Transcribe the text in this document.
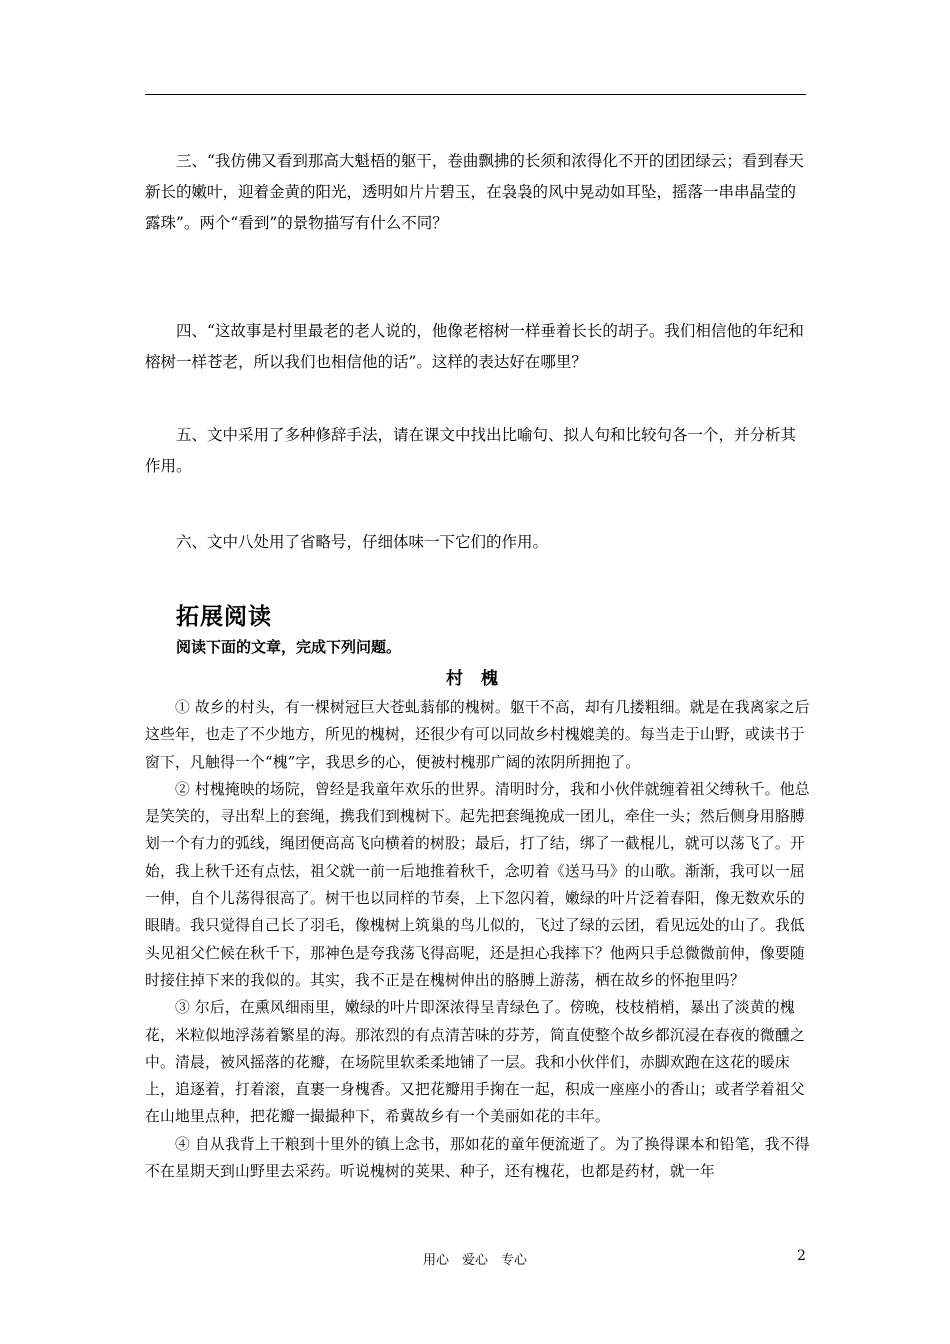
三、“我仿佛又看到那高大魁梧的躯干，卷曲飘拂的长须和浓得化不开的团团绿云；看到春天新长的嫩叶，迎着金黄的阳光，透明如片片碧玉，在袅袅的风中晃动如耳坠，摇落一串串晶莹的露珠”。两个“看到”的景物描写有什么不同？

四、“这故事是村里最老的老人说的，他像老榕树一样垂着长长的胡子。我们相信他的年纪和榕树一样苍老，所以我们也相信他的话”。这样的表达好在哪里？

五、文中采用了多种修辞手法，请在课文中找出比喻句、拟人句和比较句各一个，并分析其作用。

六、文中八处用了省略号，仔细体味一下它们的作用。

拓展阅读

阅读下面的文章，完成下列问题。

村 槐

① 故乡的村头，有一棵树冠巨大苍虬蓊郁的槐树。躯干不高，却有几搂粗细。就是在我离家之后这些年，也走了不少地方，所见的槐树，还很少有可以同故乡村槐媲美的。每当走于山野，或读书于窗下，凡触得一个“槐”字，我思乡的心，便被村槐那广阔的浓阴所拥抱了。

② 村槐掩映的场院，曾经是我童年欢乐的世界。清明时分，我和小伙伴就缠着祖父缚秋千。他总是笑笑的，寻出犁上的套绳，携我们到槐树下。起先把套绳挽成一团儿，牵住一头；然后侧身用胳膊划一个有力的弧线，绳团便高高飞向横着的树股；最后，打了结，绑了一截棍儿，就可以荡飞了。开始，我上秋千还有点怯，祖父就一前一后地推着秋千，念叨着《送马马》的山歌。渐渐，我可以一屈一伸，自个儿荡得很高了。树干也以同样的节奏，上下忽闪着，嫩绿的叶片泛着春阳，像无数欢乐的眼睛。我只觉得自己长了羽毛，像槐树上筑巢的鸟儿似的，飞过了绿的云团，看见远处的山了。我低头见祖父伫候在秋千下，那神色是夸我荡飞得高呢，还是担心我摔下？他两只手总微微前伸，像要随时接住掉下来的我似的。其实，我不正是在槐树伸出的胳膊上游荡，栖在故乡的怀抱里吗？

③ 尔后，在熏风细雨里，嫩绿的叶片即深浓得呈青绿色了。傍晚，枝枝梢梢，暴出了淡黄的槐花，米粒似地浮荡着繁星的海。那浓烈的有点清苦味的芬芳，简直使整个故乡都沉浸在春夜的微醺之中。清晨，被风摇落的花瓣，在场院里软柔柔地铺了一层。我和小伙伴们，赤脚欢跑在这花的暖床上，追逐着，打着滚，直裹一身槐香。又把花瓣用手掬在一起，积成一座座小的香山；或者学着祖父在山地里点种，把花瓣一撮撮种下，希冀故乡有一个美丽如花的丰年。

④ 自从我背上干粮到十里外的镇上念书，那如花的童年便流逝了。为了换得课本和铅笔，我不得不在星期天到山野里去采药。听说槐树的荚果、种子，还有槐花，也都是药材，就一年

用心　爱心　专心	2
